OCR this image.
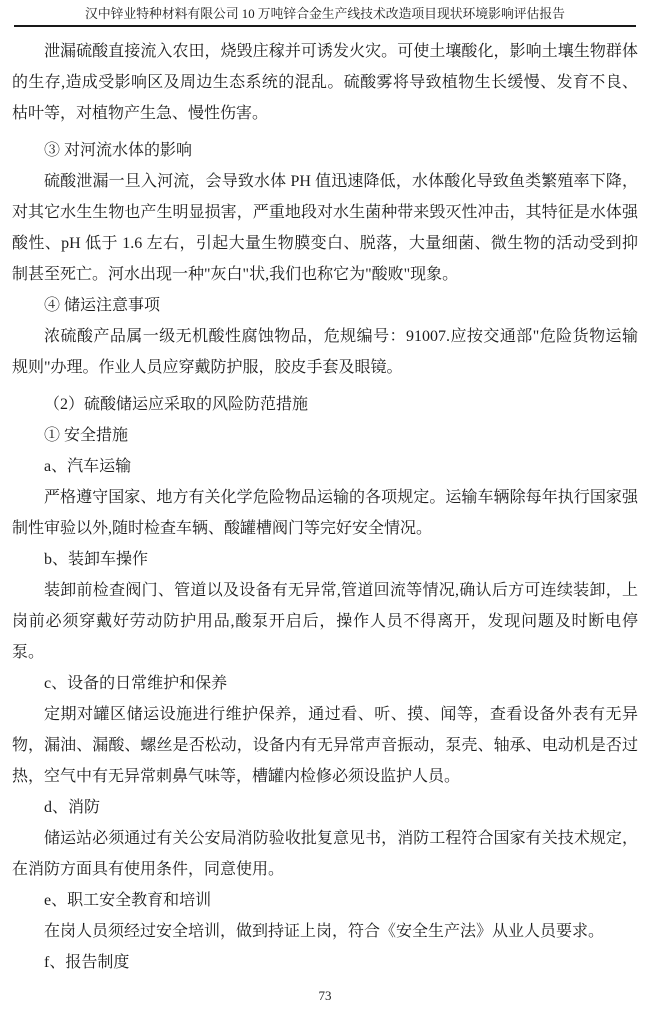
汉中锌业特种材料有限公司 10 万吨锌合金生产线技术改造项目现状环境影响评估报告

泄漏硫酸直接流入农田，烧毁庄稼并可诱发火灾。可使土壤酸化，影响土壤生物群体的生存,造成受影响区及周边生态系统的混乱。硫酸雾将导致植物生长缓慢、发育不良、枯叶等，对植物产生急、慢性伤害。

③ 对河流水体的影响

硫酸泄漏一旦入河流，会导致水体 PH 值迅速降低，水体酸化导致鱼类繁殖率下降，对其它水生生物也产生明显损害，严重地段对水生菌种带来毁灭性冲击，其特征是水体强酸性、pH 低于 1.6 左右，引起大量生物膜变白、脱落，大量细菌、微生物的活动受到抑制甚至死亡。河水出现一种"灰白"状,我们也称它为"酸败"现象。

④ 储运注意事项

浓硫酸产品属一级无机酸性腐蚀物品，危规编号：91007.应按交通部"危险货物运输规则"办理。作业人员应穿戴防护服，胶皮手套及眼镜。

（2）硫酸储运应采取的风险防范措施

① 安全措施

a、汽车运输

严格遵守国家、地方有关化学危险物品运输的各项规定。运输车辆除每年执行国家强制性审验以外,随时检查车辆、酸罐槽阀门等完好安全情况。

b、装卸车操作

装卸前检查阀门、管道以及设备有无异常,管道回流等情况,确认后方可连续装卸，上岗前必须穿戴好劳动防护用品,酸泵开启后，操作人员不得离开，发现问题及时断电停泵。

c、设备的日常维护和保养

定期对罐区储运设施进行维护保养，通过看、听、摸、闻等，查看设备外表有无异物，漏油、漏酸、螺丝是否松动，设备内有无异常声音振动，泵壳、轴承、电动机是否过热，空气中有无异常刺鼻气味等，槽罐内检修必须设监护人员。

d、消防

储运站必须通过有关公安局消防验收批复意见书，消防工程符合国家有关技术规定，在消防方面具有使用条件，同意使用。

e、职工安全教育和培训

在岗人员须经过安全培训，做到持证上岗，符合《安全生产法》从业人员要求。

f、报告制度

73
